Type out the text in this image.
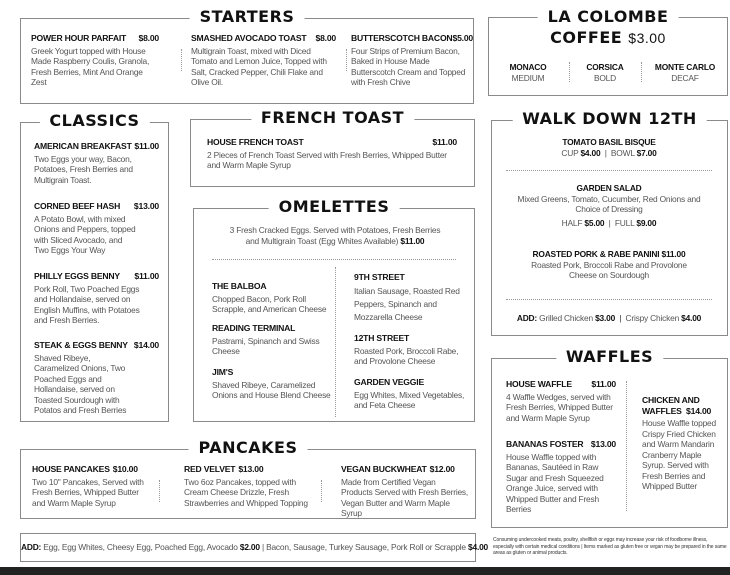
STARTERS
POWER HOUR PARFAIT $8.00
Greek Yogurt topped with House Made Raspberry Coulis, Granola, Fresh Berries, Mint And Orange Zest
SMASHED AVOCADO TOAST $8.00
Multigrain Toast, mixed with Diced Tomato and Lemon Juice, Topped with Salt, Cracked Pepper, Chili Flake and Olive Oil.
BUTTERSCOTCH BACON $5.00
Four Strips of Premium Bacon, Baked in House Made Butterscotch Cream and Topped with Fresh Chive
CLASSICS
AMERICAN BREAKFAST $11.00
Two Eggs your way, Bacon, Potatoes, Fresh Berries and Multigrain Toast.
CORNED BEEF HASH $13.00
A Potato Bowl, with mixed Onions and Peppers, topped with Sliced Avocado, and Two Eggs Your Way
PHILLY EGGS BENNY $11.00
Pork Roll, Two Poached Eggs and Hollandaise, served on English Muffins, with Potatoes and Fresh Berries.
STEAK & EGGS BENNY $14.00
Shaved Ribeye, Caramelized Onions, Two Poached Eggs and Hollandaise, served on Toasted Sourdough with Potatos and Fresh Berries
FRENCH TOAST
HOUSE FRENCH TOAST	$11.00
2 Pieces of French Toast Served with Fresh Berries, Whipped Butter and Warm Maple Syrup
OMELETTES
3 Fresh Cracked Eggs. Served with Potatoes, Fresh Berries and Multigrain Toast (Egg Whites Available) $11.00
THE BALBOA
Chopped Bacon, Pork Roll Scrapple, and American Cheese
READING TERMINAL
Pastrami, Spinanch and Swiss Cheese
JIM'S
Shaved Ribeye, Caramelized Onions and House Blend Cheese
9TH STREET
Italian Sausage, Roasted Red Peppers, Spinanch and Mozzarella Cheese
12TH STREET
Roasted Pork, Broccoli Rabe, and Provolone Cheese
GARDEN VEGGIE
Egg Whites, Mixed Vegetables, and Feta Cheese
LA COLOMBE
COFFEE $3.00
MONACO
MEDIUM
CORSICA
BOLD
MONTE CARLO
DECAF
WALK DOWN 12TH
TOMATO BASIL BISQUE
CUP $4.00  |  BOWL $7.00
GARDEN SALAD
Mixed Greens, Tomato, Cucumber, Red Onions and Choice of Dressing
HALF $5.00  |  FULL $9.00
ROASTED PORK & RABE PANINI $11.00
Roasted Pork, Broccoli Rabe and Provolone Cheese on Sourdough
ADD: Grilled Chicken $3.00  |  Crispy Chicken $4.00
WAFFLES
HOUSE WAFFLE $11.00
4 Waffle Wedges, served with Fresh Berries, Whipped Butter and Warm Maple Syrup
BANANAS FOSTER $13.00
House Waffle topped with Bananas, Sautéed in Raw Sugar and Fresh Squeezed Orange Juice, served with Whipped Butter and Fresh Berries
CHICKEN AND WAFFLES $14.00
House Waffle topped Crispy Fried Chicken and Warm Mandarin Cranberry Maple Syrup. Served with Fresh Berries and Whipped Butter
PANCAKES
HOUSE PANCAKES $10.00
Two 10" Pancakes, Served with Fresh Berries, Whipped Butter and Warm Maple Syrup
RED VELVET $13.00
Two 6oz Pancakes, topped with Cream Cheese Drizzle, Fresh Strawberries and Whipped Topping
VEGAN BUCKWHEAT $12.00
Made from Certified Vegan Products Served with Fresh Berries, Vegan Butter and Warm Maple Syrup
ADD: Egg, Egg Whites, Cheesy Egg, Poached Egg, Avocado $2.00 | Bacon, Sausage, Turkey Sausage, Pork Roll or Scrapple $4.00
Consuming undercooked meats, poultry, shellfish or eggs may increase your risk of foodborne illness, especially with certain medical conditions | Items marked as gluten free or vegan may be prepared in the same areas as gluten or animal products.
